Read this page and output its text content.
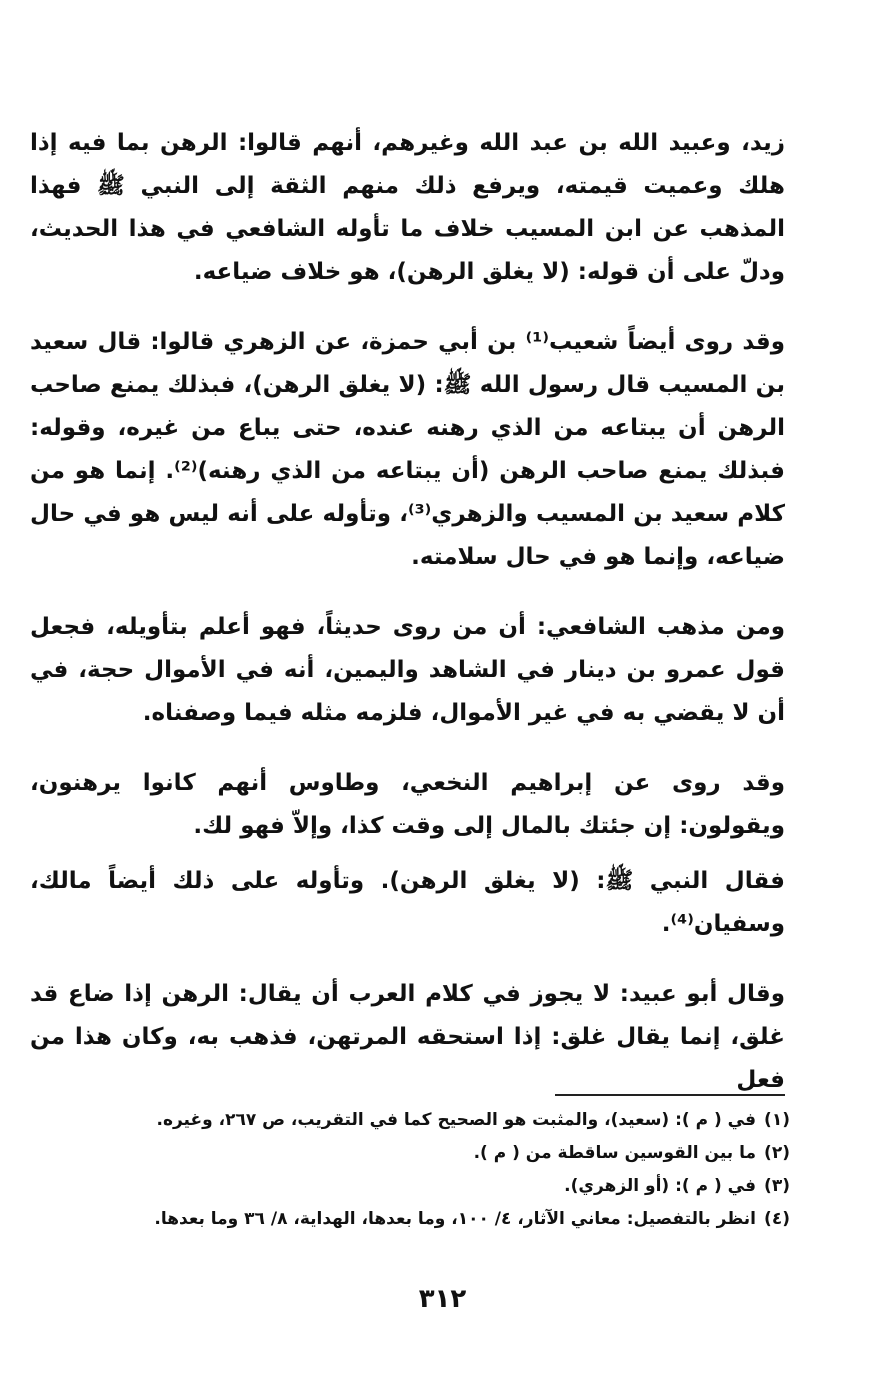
زيد، وعبيد الله بن عبد الله وغيرهم، أنهم قالوا: الرهن بما فيه إذا هلك وعميت قيمته، ويرفع ذلك منهم الثقة إلى النبي ﷺ فهذا المذهب عن ابن المسيب خلاف ما تأوله الشافعي في هذا الحديث، ودلّ على أن قوله: (لا يغلق الرهن)، هو خلاف ضياعه.

وقد روى أيضاً شعيب⁽¹⁾ بن أبي حمزة، عن الزهري قالوا: قال سعيد بن المسيب قال رسول الله ﷺ: (لا يغلق الرهن)، فبذلك يمنع صاحب الرهن أن يبتاعه من الذي رهنه عنده، حتى يباع من غيره، وقوله: فبذلك يمنع صاحب الرهن (أن يبتاعه من الذي رهنه)⁽²⁾. إنما هو من كلام سعيد بن المسيب والزهري⁽³⁾، وتأوله على أنه ليس هو في حال ضياعه، وإنما هو في حال سلامته.

ومن مذهب الشافعي: أن من روى حديثاً، فهو أعلم بتأويله، فجعل قول عمرو بن دينار في الشاهد واليمين، أنه في الأموال حجة، في أن لا يقضي به في غير الأموال، فلزمه مثله فيما وصفناه.

وقد روى عن إبراهيم النخعي، وطاوس أنهم كانوا يرهنون، ويقولون: إن جئتك بالمال إلى وقت كذا، وإلاّ فهو لك.

فقال النبي ﷺ: (لا يغلق الرهن). وتأوله على ذلك أيضاً مالك، وسفيان⁽⁴⁾.

وقال أبو عبيد: لا يجوز في كلام العرب أن يقال: الرهن إذا ضاع قد غلق، إنما يقال غلق: إذا استحقه المرتهن، فذهب به، وكان هذا من فعل

(١)
في ( م ): (سعيد)، والمثبت هو الصحيح كما في التقريب، ص ٢٦٧، وغيره.
(٢)
ما بين القوسين ساقطة من ( م ).
(٣)
في ( م ): (أو الزهري).
(٤)
انظر بالتفصيل: معاني الآثار، ٤/ ١٠٠، وما بعدها، الهداية، ٨/ ٣٦ وما بعدها.
٣١٢
